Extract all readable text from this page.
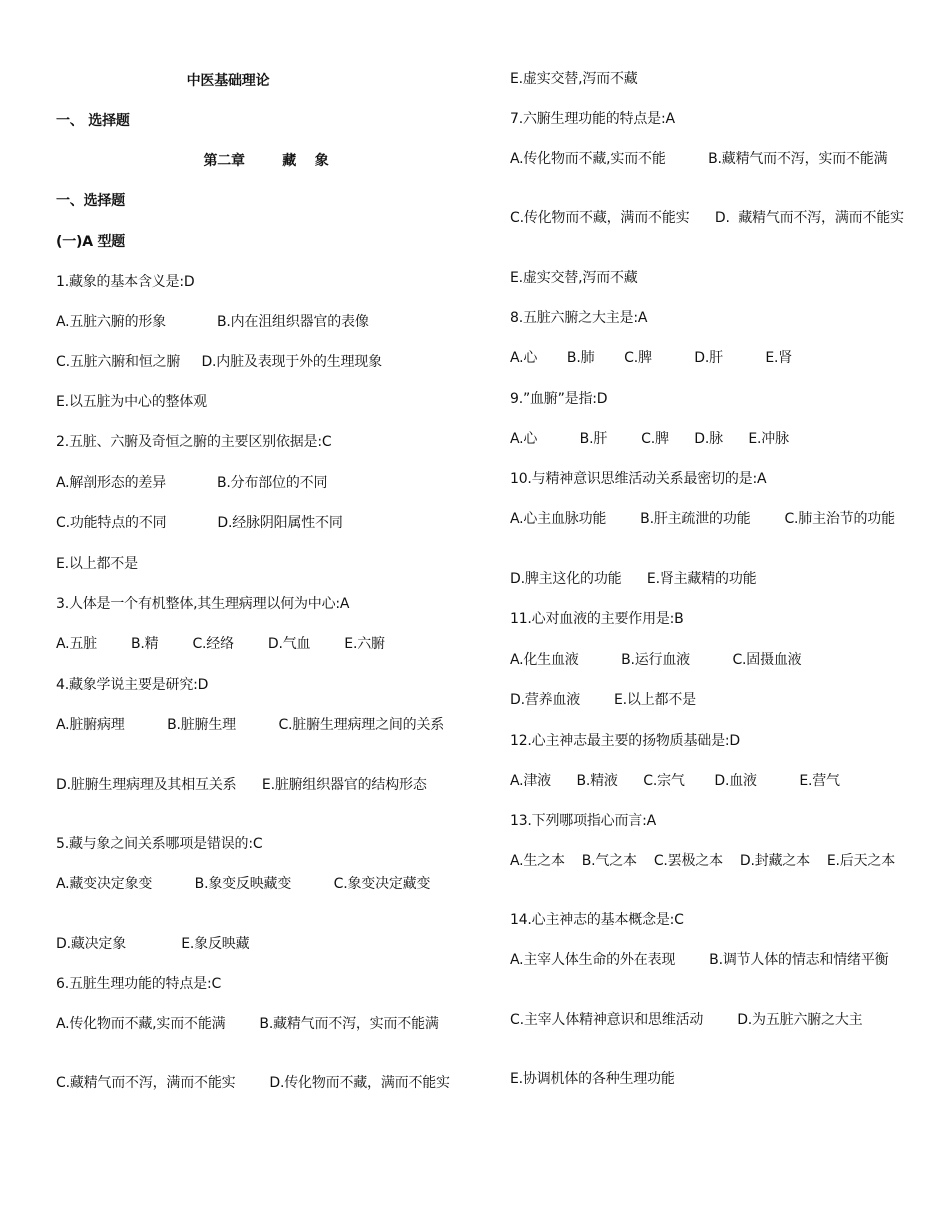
中医基础理论
一、 选择题
第二章        藏    象
一、选择题
(一)A 型题
1.藏象的基本含义是:D
A.五脏六腑的形象            B.内在沮组织器官的表像
C.五脏六腑和恒之腑     D.内脏及表现于外的生理现象
E.以五脏为中心的整体观
2.五脏、六腑及奇恒之腑的主要区别依据是:C
A.解剖形态的差异            B.分布部位的不同
C.功能特点的不同            D.经脉阴阳属性不同
E.以上都不是
3.人体是一个有机整体,其生理病理以何为中心:A
A.五脏        B.精        C.经络        D.气血        E.六腑
4.藏象学说主要是研究:D
A.脏腑病理          B.脏腑生理          C.脏腑生理病理之间的关系
D.脏腑生理病理及其相互关系      E.脏腑组织器官的结构形态
5.藏与象之间关系哪项是错误的:C
A.藏变决定象变          B.象变反映藏变          C.象变决定藏变
D.藏决定象             E.象反映藏
6.五脏生理功能的特点是:C
A.传化物而不藏,实而不能满        B.藏精气而不泻，实而不能满
C.藏精气而不泻，满而不能实        D.传化物而不藏，满而不能实
E.虚实交替,泻而不藏
7.六腑生理功能的特点是:A
A.传化物而不藏,实而不能          B.藏精气而不泻，实而不能满
C.传化物而不藏，满而不能实      D.  藏精气而不泻，满而不能实
E.虚实交替,泻而不藏
8.五脏六腑之大主是:A
A.心       B.肺       C.脾          D.肝          E.肾
9.”血腑”是指:D
A.心          B.肝        C.脾      D.脉      E.冲脉
10.与精神意识思维活动关系最密切的是:A
A.心主血脉功能        B.肝主疏泄的功能        C.肺主治节的功能
D.脾主这化的功能      E.肾主藏精的功能
11.心对血液的主要作用是:B
A.化生血液          B.运行血液          C.固摄血液
D.营养血液        E.以上都不是
12.心主神志最主要的扬物质基础是:D
A.津液      B.精液      C.宗气       D.血液          E.营气
13.下列哪项指心而言:A
A.生之本    B.气之本    C.罢极之本    D.封藏之本    E.后天之本
14.心主神志的基本概念是:C
A.主宰人体生命的外在表现        B.调节人体的情志和情绪平衡
C.主宰人体精神意识和思维活动        D.为五脏六腑之大主
E.协调机体的各种生理功能
